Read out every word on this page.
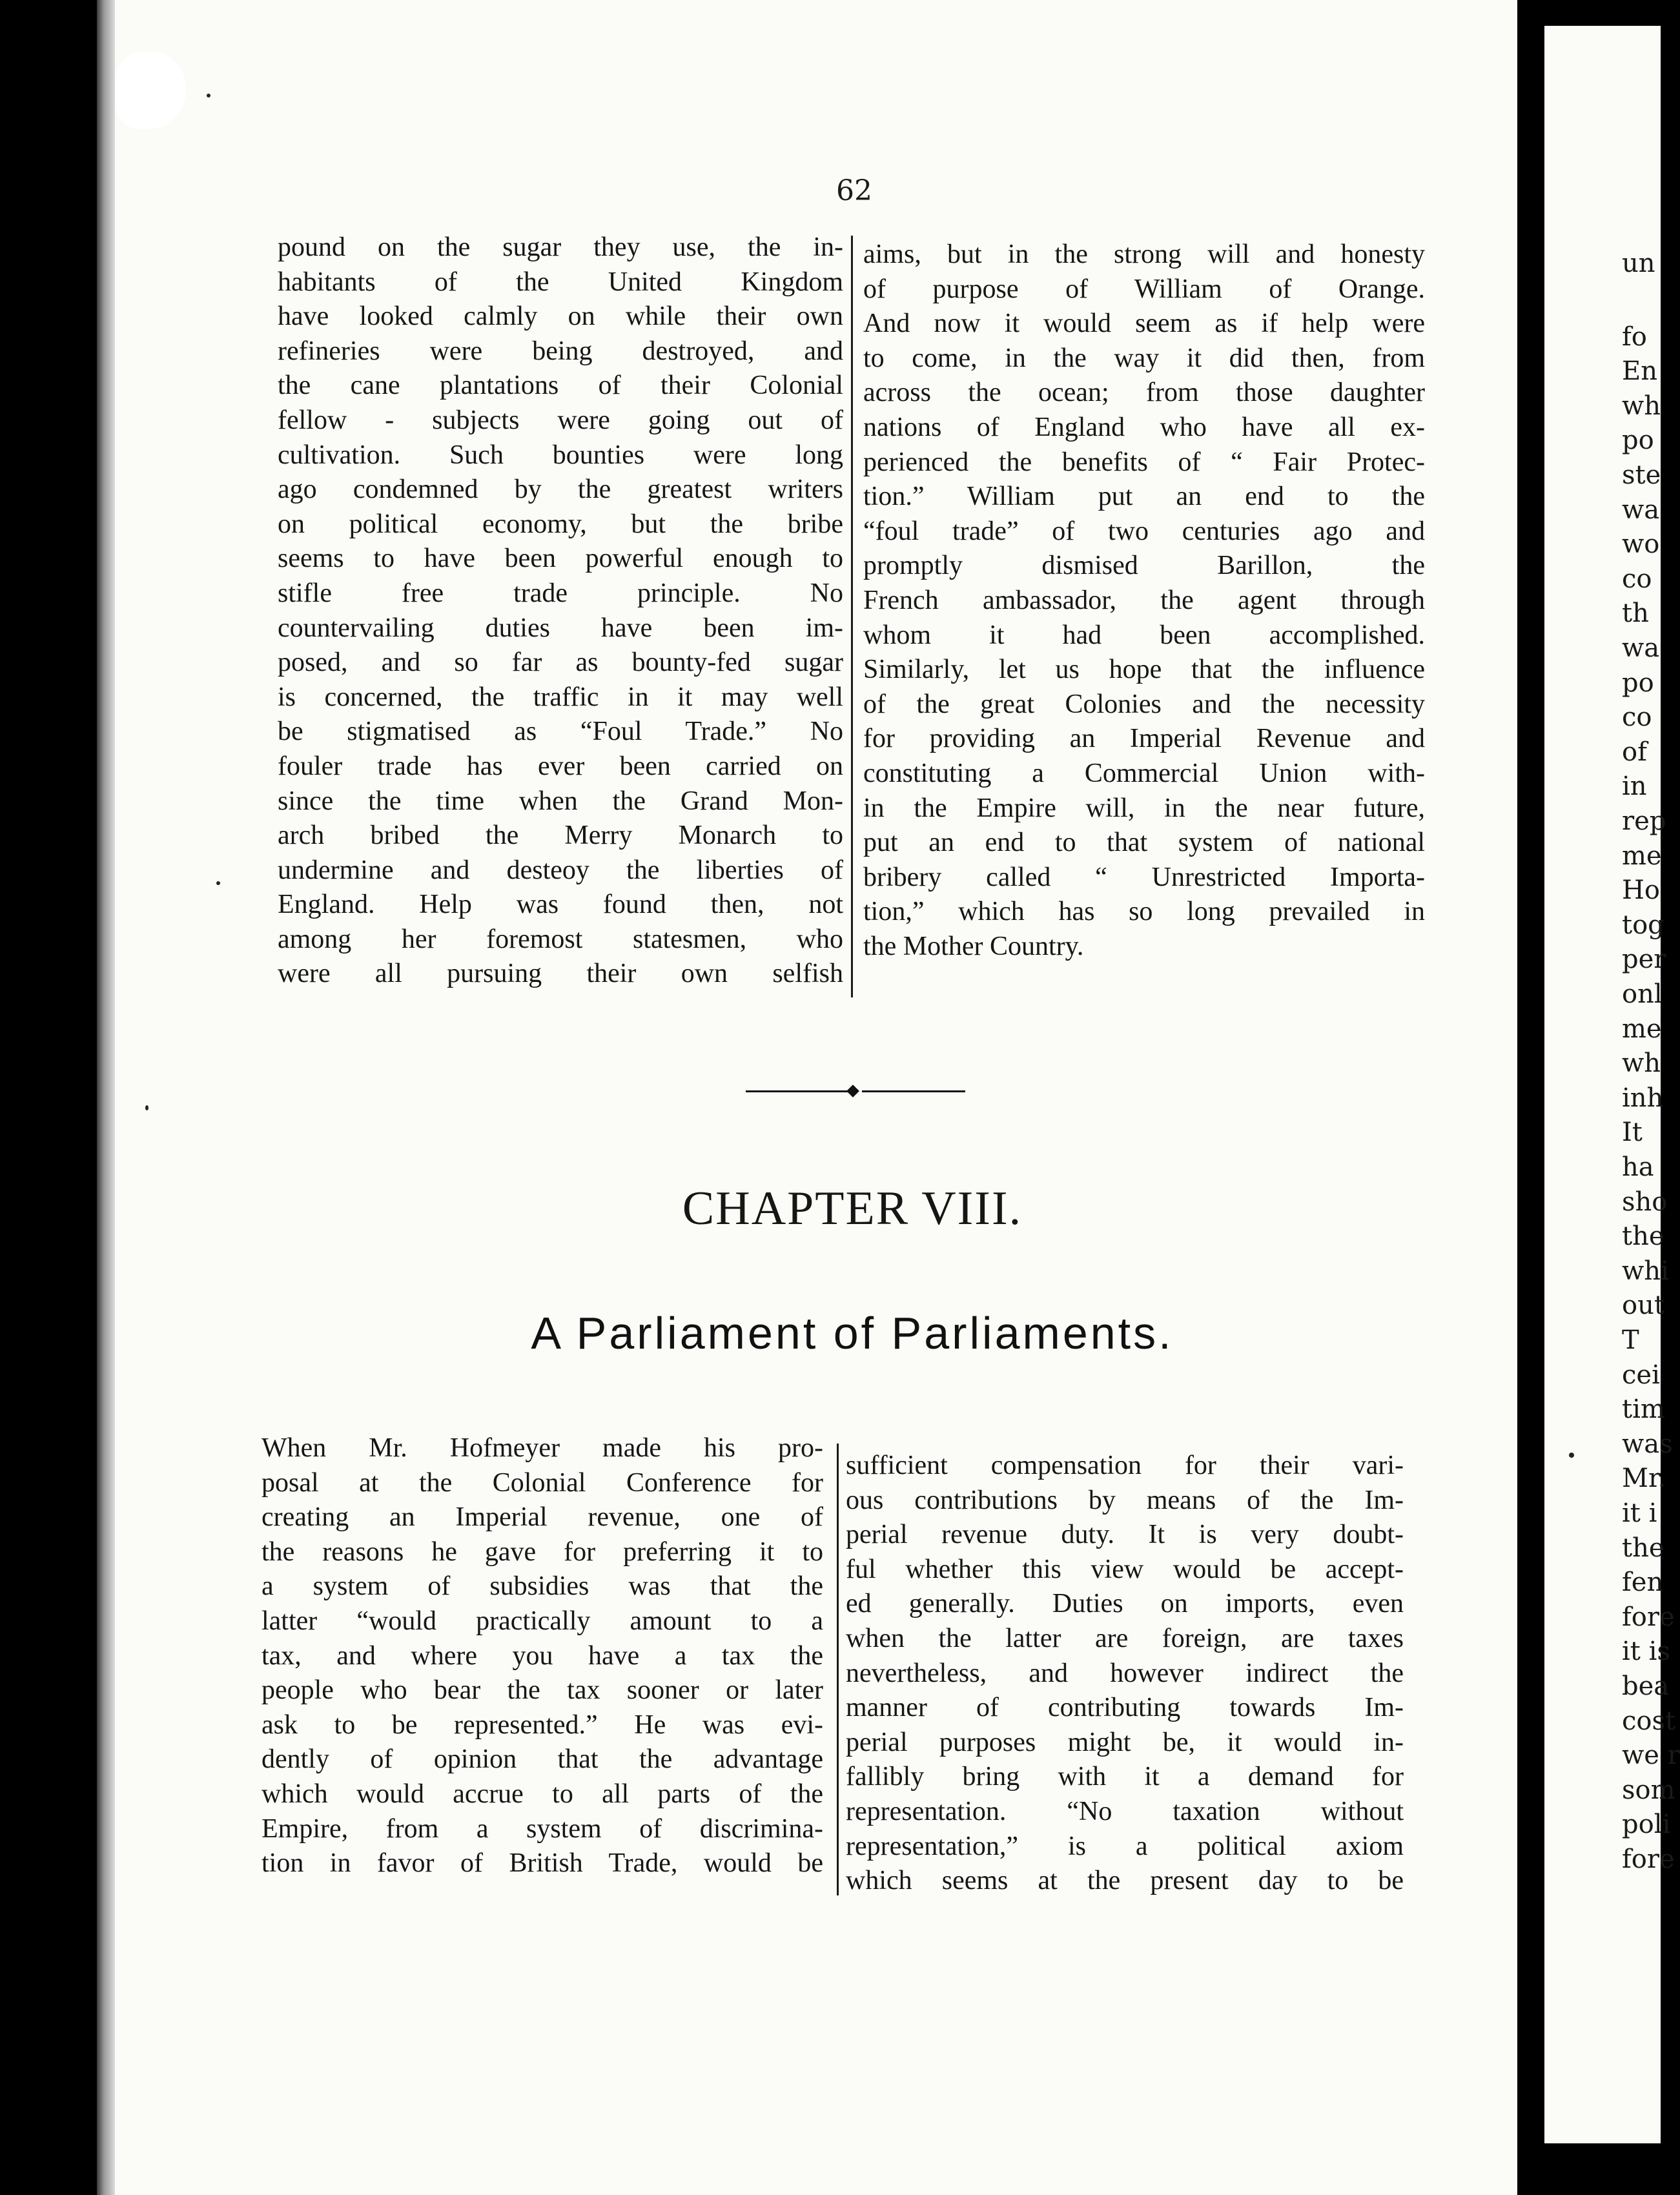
un
fo
En
wh
po
ste
wa
wo
co
th
wa
po
co
of
in
rep
me
Ho
tog
per
onl
me
wh
inh
It
ha
sho
the
whi
out
T
cei
tim
was
Mr.
it i
the
fen
fore
it is
bea
cost
we r
som
poli
fore
62
pound on the sugar they use, the in-
habitants of the United Kingdom
have looked calmly on while their own
refineries were being destroyed, and
the cane plantations of their Colonial
fellow - subjects were going out of
cultivation. Such bounties were long
ago condemned by the greatest writers
on political economy, but the bribe
seems to have been powerful enough to
stifle free trade principle. No
countervailing duties have been im-
posed, and so far as bounty-fed sugar
is concerned, the traffic in it may well
be stigmatised as “Foul Trade.” No
fouler trade has ever been carried on
since the time when the Grand Mon-
arch bribed the Merry Monarch to
undermine and desteoy the liberties of
England. Help was found then, not
among her foremost statesmen, who
were all pursuing their own selfish
aims, but in the strong will and honesty
of purpose of William of Orange.
And now it would seem as if help were
to come, in the way it did then, from
across the ocean; from those daughter
nations of England who have all ex-
perienced the benefits of “ Fair Protec-
tion.” William put an end to the
“foul trade” of two centuries ago and
promptly dismised Barillon, the
French ambassador, the agent through
whom it had been accomplished.
Similarly, let us hope that the influence
of the great Colonies and the necessity
for providing an Imperial Revenue and
constituting a Commercial Union with-
in the Empire will, in the near future,
put an end to that system of national
bribery called “ Unrestricted Importa-
tion,” which has so long prevailed in
the Mother Country.
CHAPTER VIII.
A Parliament of Parliaments.
When Mr. Hofmeyer made his pro-
posal at the Colonial Conference for
creating an Imperial revenue, one of
the reasons he gave for preferring it to
a system of subsidies was that the
latter “would practically amount to a
tax, and where you have a tax the
people who bear the tax sooner or later
ask to be represented.” He was evi-
dently of opinion that the advantage
which would accrue to all parts of the
Empire, from a system of discrimina-
tion in favor of British Trade, would be
sufficient compensation for their vari-
ous contributions by means of the Im-
perial revenue duty. It is very doubt-
ful whether this view would be accept-
ed generally. Duties on imports, even
when the latter are foreign, are taxes
nevertheless, and however indirect the
manner of contributing towards Im-
perial purposes might be, it would in-
fallibly bring with it a demand for
representation. “No taxation without
representation,” is a political axiom
which seems at the present day to be
